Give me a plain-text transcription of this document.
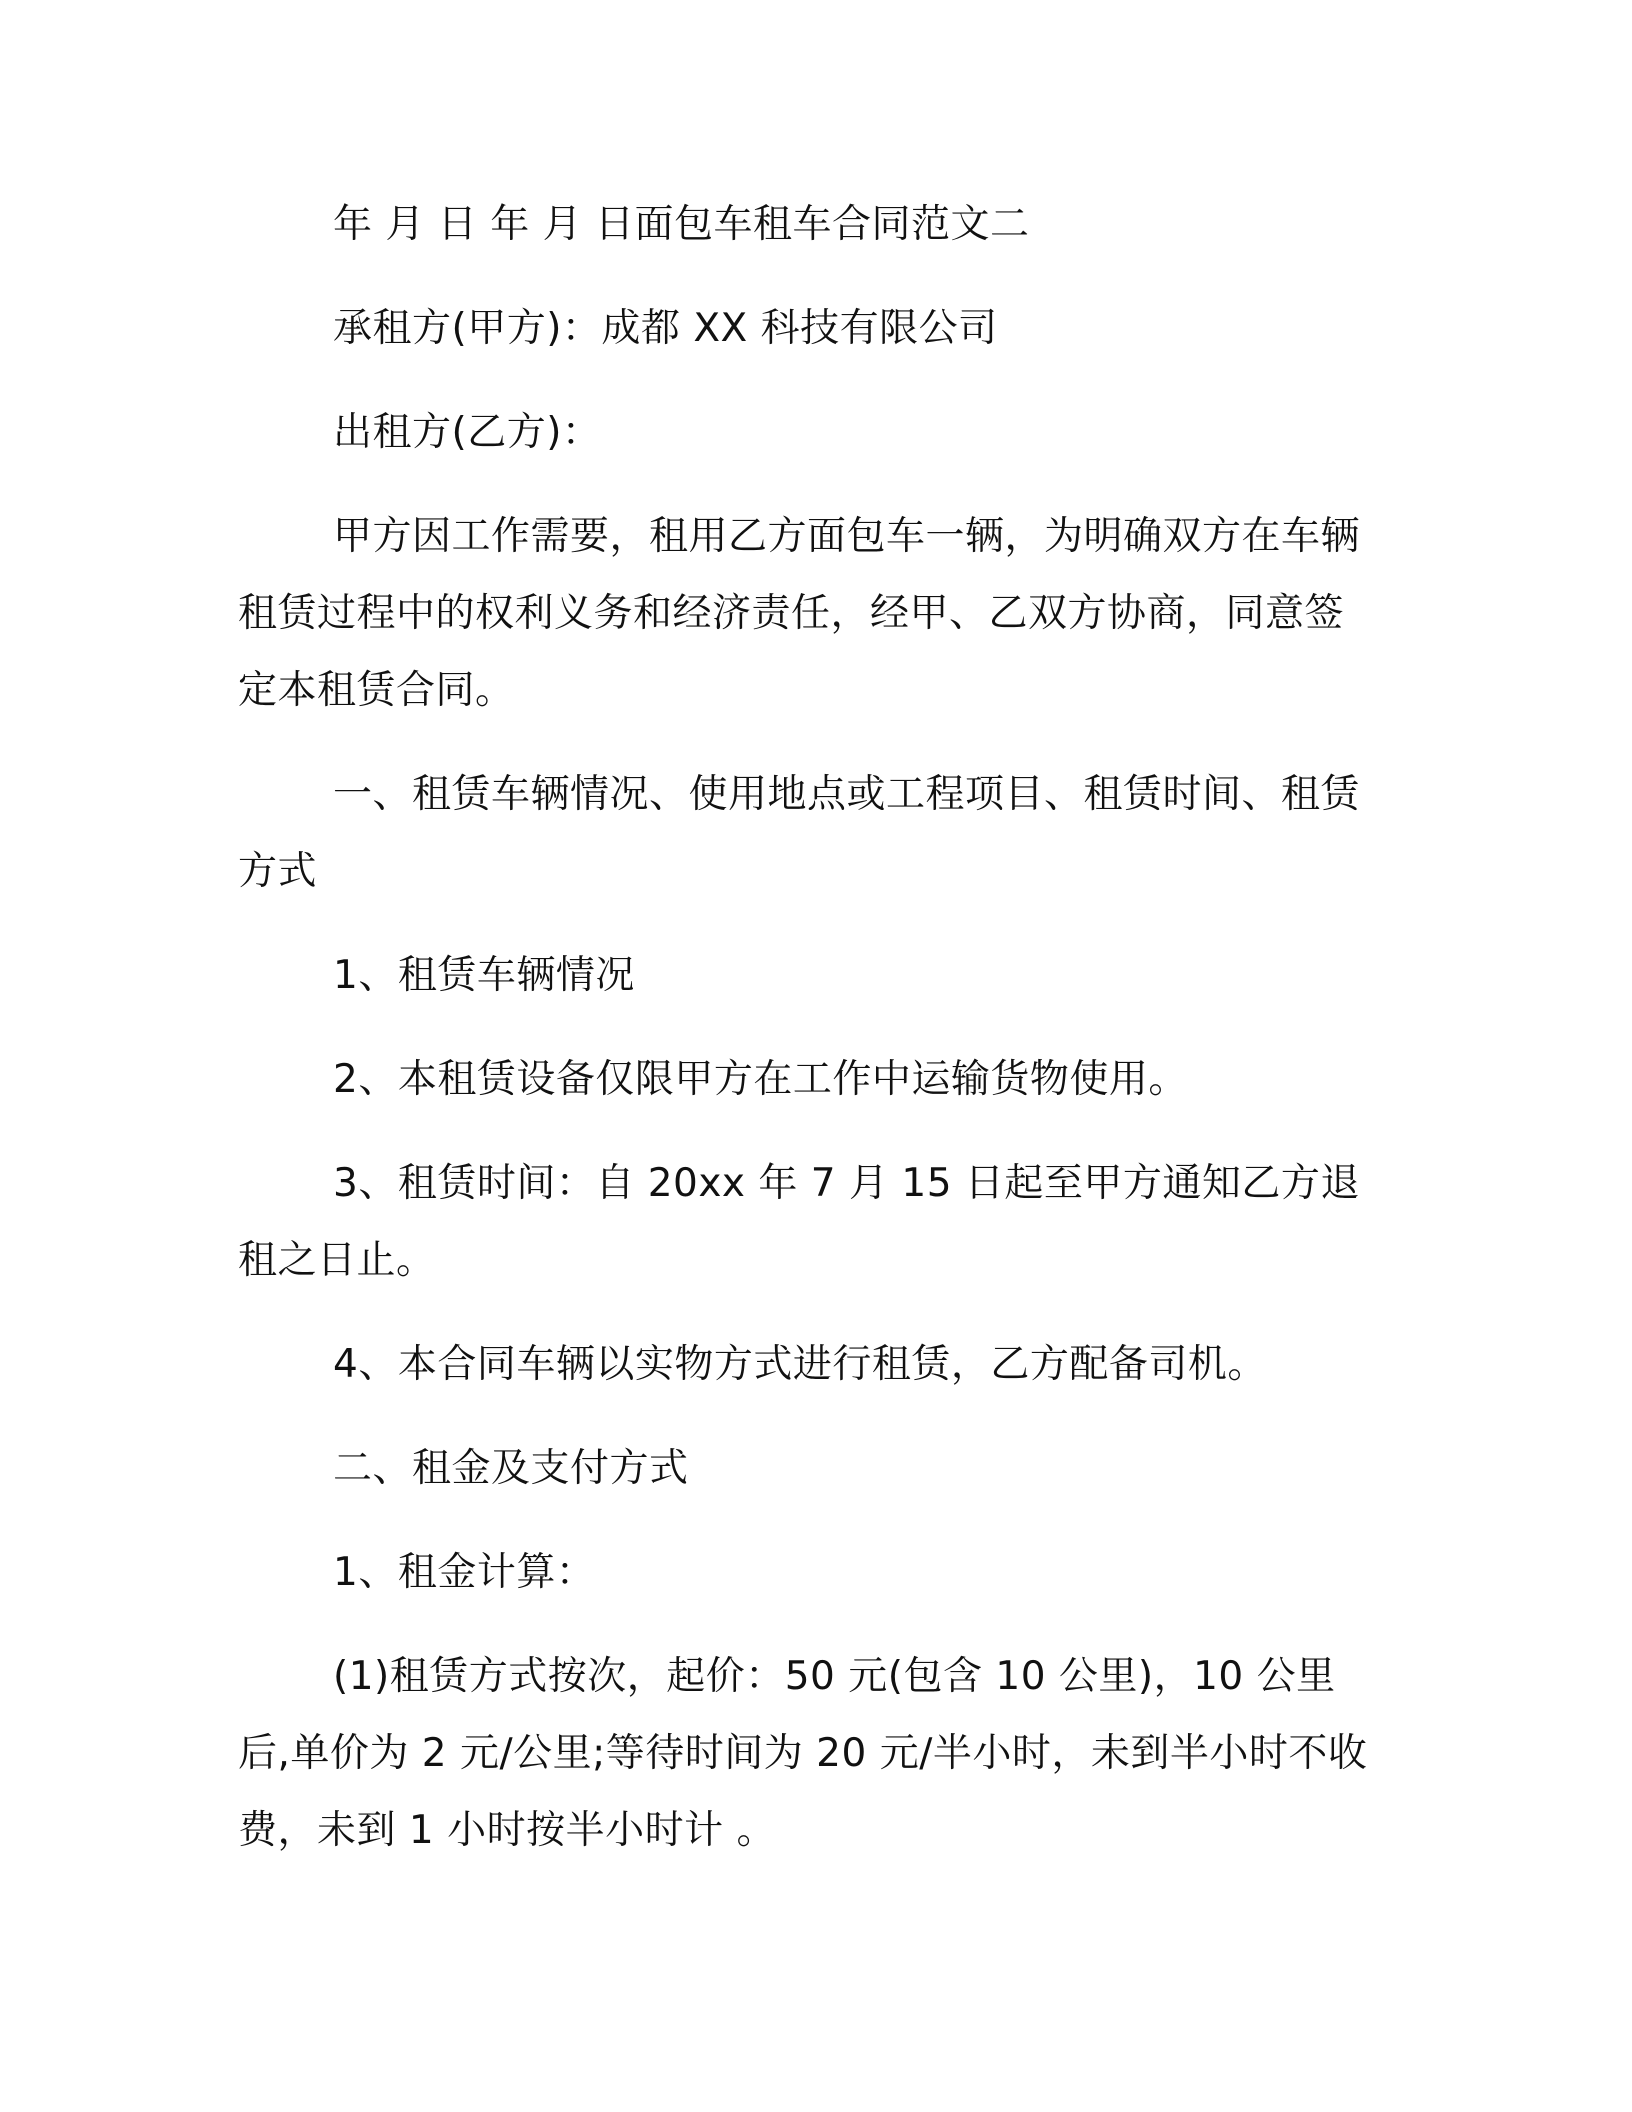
年 月 日 年 月 日面包车租车合同范文二

承租方(甲方)：成都 XX 科技有限公司

出租方(乙方)：

甲方因工作需要，租用乙方面包车一辆，为明确双方在车辆租赁过程中的权利义务和经济责任，经甲、乙双方协商，同意签定本租赁合同。

一、租赁车辆情况、使用地点或工程项目、租赁时间、租赁方式

1、租赁车辆情况

2、本租赁设备仅限甲方在工作中运输货物使用。

3、租赁时间：自 20xx 年 7 月 15 日起至甲方通知乙方退租之日止。

4、本合同车辆以实物方式进行租赁，乙方配备司机。

二、租金及支付方式

1、租金计算：

(1)租赁方式按次，起价：50 元(包含 10 公里)，10 公里后,单价为 2 元/公里;等待时间为 20 元/半小时，未到半小时不收费，未到 1 小时按半小时计 。
